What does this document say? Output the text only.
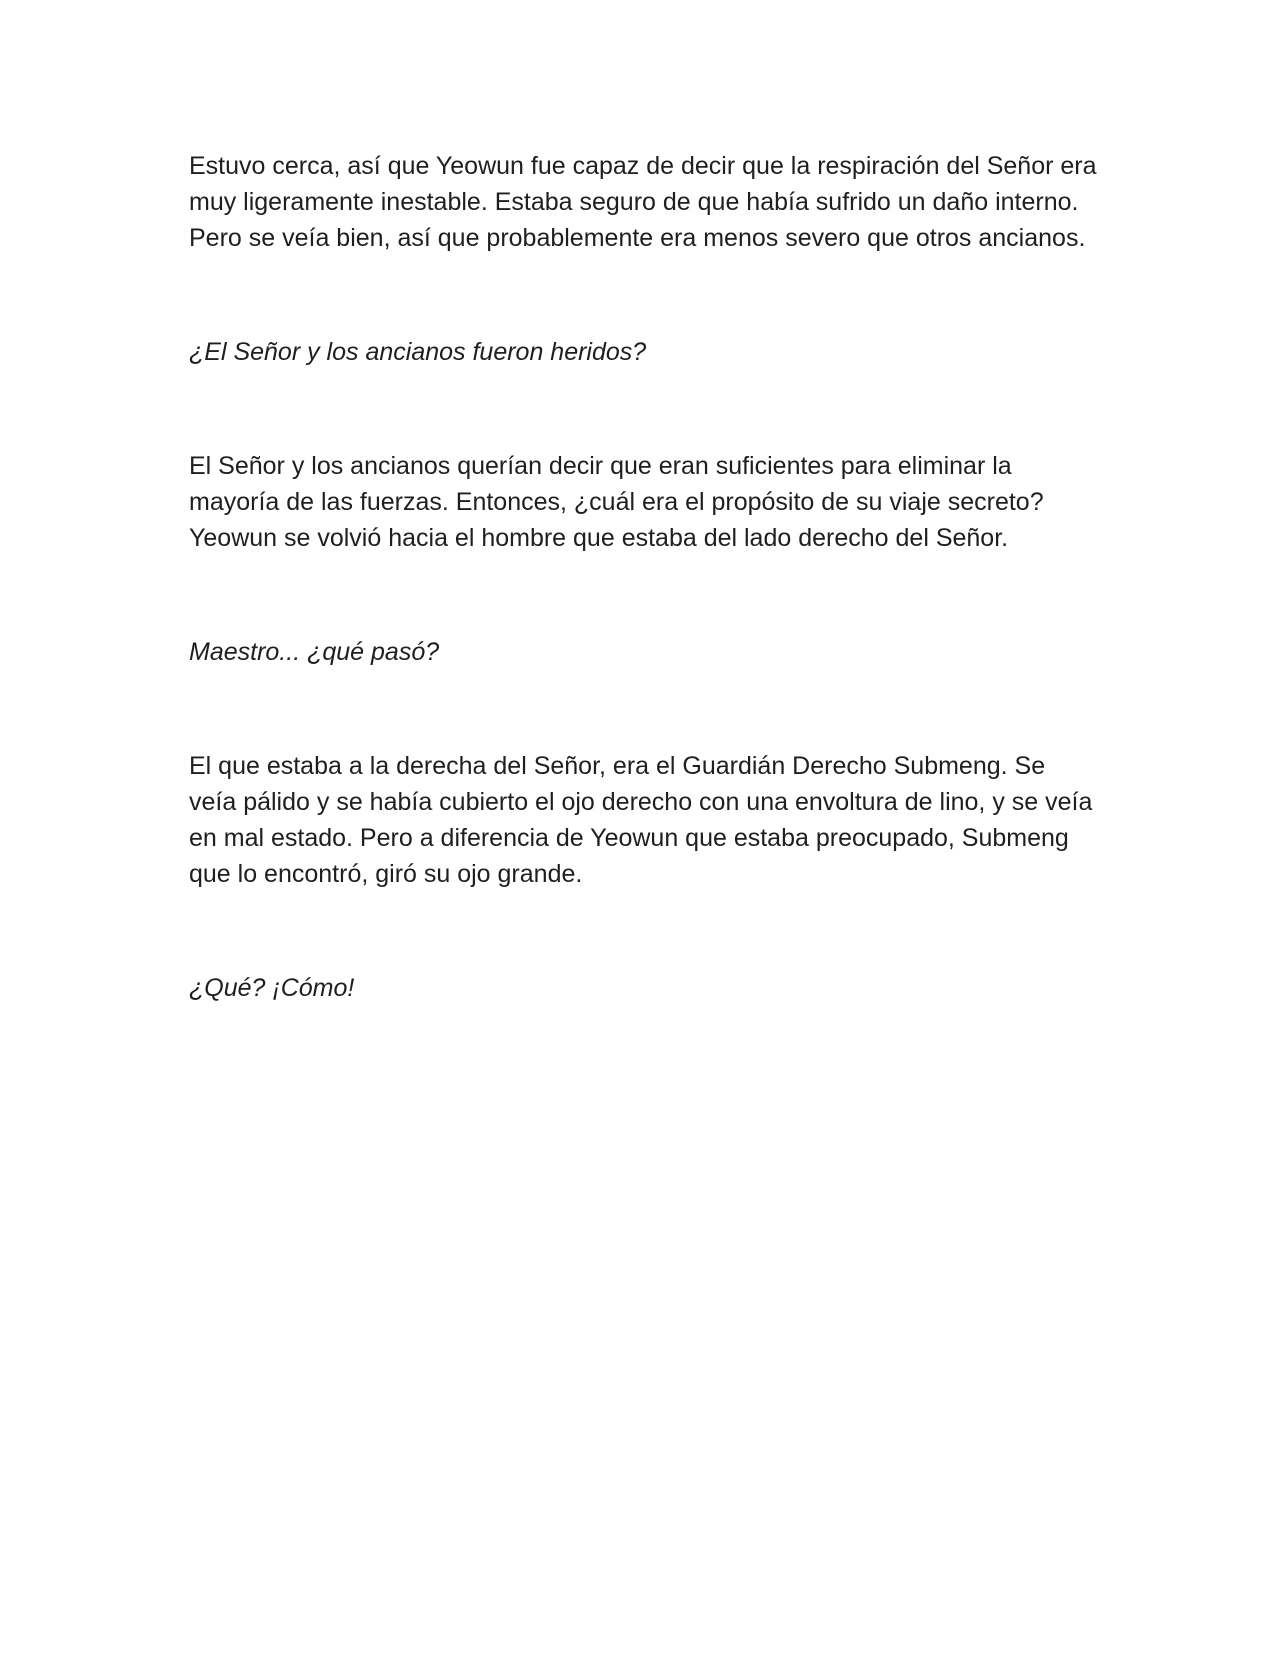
Estuvo cerca, así que Yeowun fue capaz de decir que la respiración del Señor era muy ligeramente inestable. Estaba seguro de que había sufrido un daño interno. Pero se veía bien, así que probablemente era menos severo que otros ancianos.

¿El Señor y los ancianos fueron heridos?

El Señor y los ancianos querían decir que eran suficientes para eliminar la mayoría de las fuerzas. Entonces, ¿cuál era el propósito de su viaje secreto? Yeowun se volvió hacia el hombre que estaba del lado derecho del Señor.

Maestro... ¿qué pasó?

El que estaba a la derecha del Señor, era el Guardián Derecho Submeng. Se veía pálido y se había cubierto el ojo derecho con una envoltura de lino, y se veía en mal estado. Pero a diferencia de Yeowun que estaba preocupado, Submeng que lo encontró, giró su ojo grande.

¿Qué? ¡Cómo!
